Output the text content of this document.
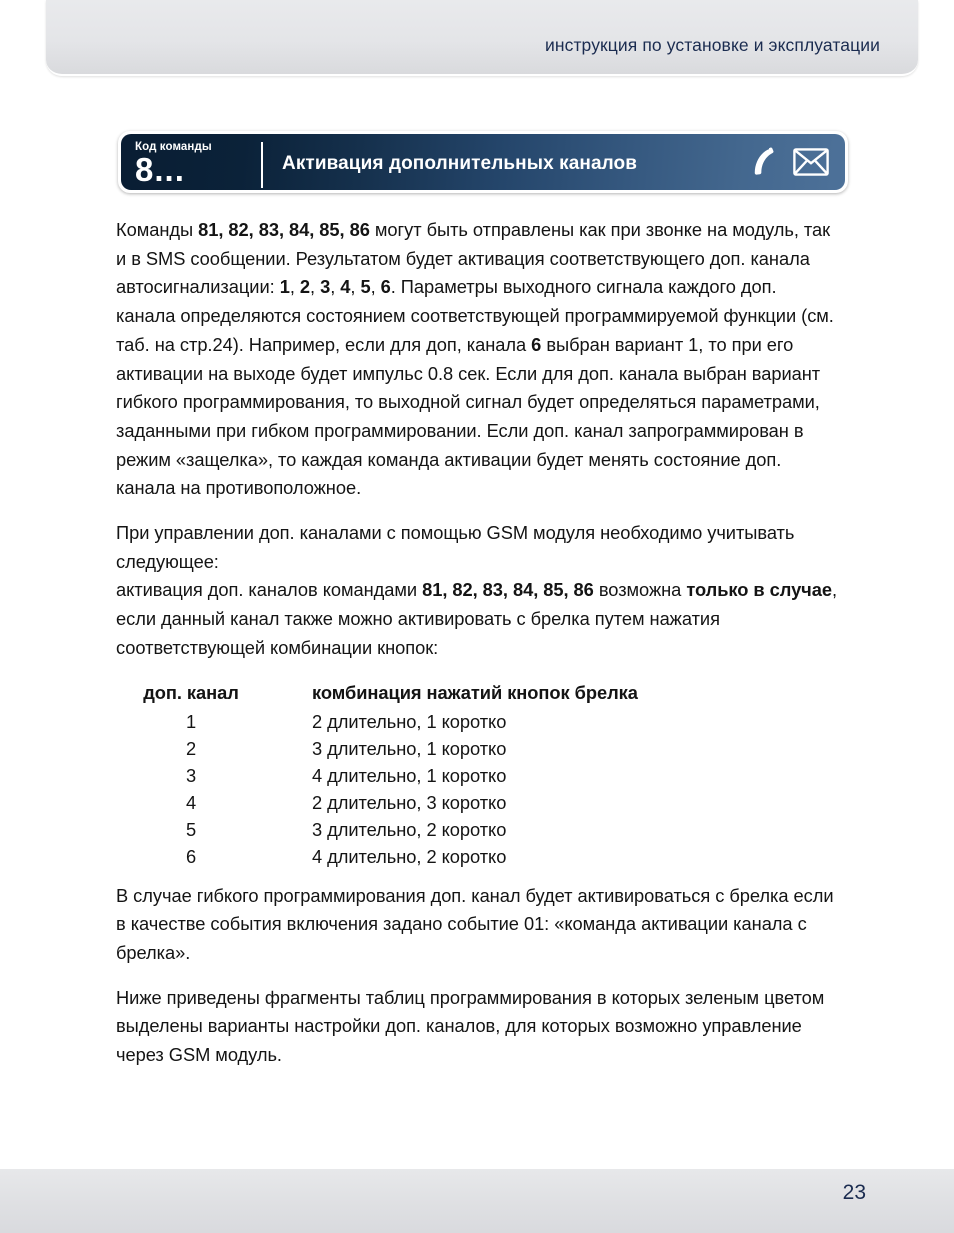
инструкция по установке и эксплуатации
Код команды
8...	Активация дополнительных каналов

Команды 81, 82, 83, 84, 85, 86 могут быть отправлены как при звонке на модуль, так и в SMS сообщении. Результатом будет активация соответствующего доп. канала автосигнализации: 1, 2, 3, 4, 5, 6. Параметры выходного сигнала каждого доп. канала определяются состоянием соответствующей программируемой функции (см. таб. на стр.24). Например, если для доп, канала 6 выбран вариант 1, то при его активации на выходе будет импульс 0.8 сек. Если для доп. канала выбран вариант гибкого программирования, то выходной сигнал будет определяться параметрами, заданными при гибком программировании. Если доп. канал запрограммирован в режим «защелка», то каждая команда активации будет менять состояние доп. канала на противоположное.

При управлении доп. каналами с помощью GSM модуля необходимо учитывать следующее:

активация доп. каналов командами 81, 82, 83, 84, 85, 86 возможна только в случае, если данный канал также можно активировать с брелка путем нажатия соответствующей комбинации кнопок:

доп. канал	комбинация нажатий кнопок брелка
1	2 длительно, 1 коротко
2	3 длительно, 1 коротко
3	4 длительно, 1 коротко
4	2 длительно, 3 коротко
5	3 длительно, 2 коротко
6	4 длительно, 2 коротко

В случае гибкого программирования доп. канал будет активироваться с брелка если в качестве события включения задано событие 01: «команда активации канала с брелка».

Ниже приведены фрагменты таблиц программирования в которых зеленым цветом выделены варианты настройки доп. каналов, для которых возможно управление через GSM модуль.

23
